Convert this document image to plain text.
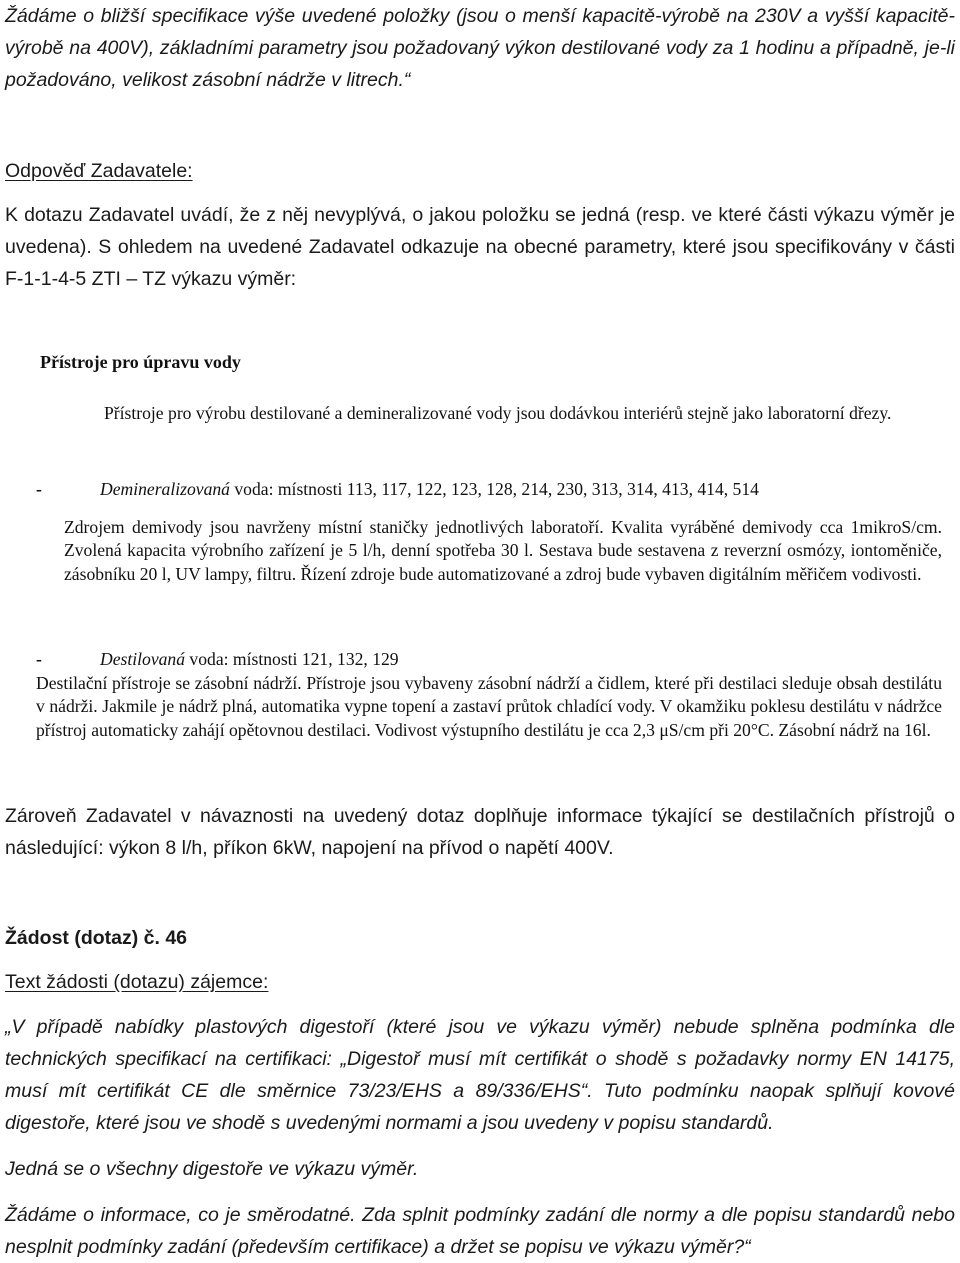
Žádáme o bližší specifikace výše uvedené položky (jsou o menší kapacitě-výrobě na 230V a vyšší kapacitě-výrobě na 400V), základními parametry jsou požadovaný výkon destilované vody za 1 hodinu a případně, je-li požadováno, velikost zásobní nádrže v litrech.“

Odpověď Zadavatele:

K dotazu Zadavatel uvádí, že z něj nevyplývá, o jakou položku se jedná (resp. ve které části výkazu výměr je uvedena). S ohledem na uvedené Zadavatel odkazuje na obecné parametry, které jsou specifikovány v části F-1-1-4-5 ZTI – TZ výkazu výměr:

Přístroje pro úpravu vody

Přístroje pro výrobu destilované a demineralizované vody jsou dodávkou interiérů stejně jako laboratorní dřezy.

-	Demineralizovaná voda: místnosti 113, 117, 122, 123, 128, 214, 230, 313, 314, 413, 414, 514
Zdrojem demivody jsou navrženy místní staničky jednotlivých laboratoří. Kvalita vyráběné demivody cca 1mikroS/cm. Zvolená kapacita výrobního zařízení je 5 l/h, denní spotřeba 30 l. Sestava bude sestavena z reverzní osmózy, iontoměniče, zásobníku 20 l, UV lampy, filtru. Řízení zdroje bude automatizované a zdroj bude vybaven digitálním měřičem vodivosti.
-	Destilovaná voda: místnosti 121, 132, 129
Destilační přístroje se zásobní nádrží. Přístroje jsou vybaveny zásobní nádrží a čidlem, které při destilaci sleduje obsah destilátu v nádrži. Jakmile je nádrž plná, automatika vypne topení a zastaví průtok chladící vody. V okamžiku poklesu destilátu v nádržce přístroj automaticky zahájí opětovnou destilaci. Vodivost výstupního destilátu je cca 2,3 μS/cm při 20°C. Zásobní nádrž na 16l.

Zároveň Zadavatel v návaznosti na uvedený dotaz doplňuje informace týkající se destilačních přístrojů o následující: výkon 8 l/h, příkon 6kW, napojení na přívod o napětí 400V.

Žádost (dotaz) č. 46

Text žádosti (dotazu) zájemce:

„V případě nabídky plastových digestoří (které jsou ve výkazu výměr) nebude splněna podmínka dle technických specifikací na certifikaci: „Digestoř musí mít certifikát o shodě s požadavky normy EN 14175, musí mít certifikát CE dle směrnice 73/23/EHS a 89/336/EHS“. Tuto podmínku naopak splňují kovové digestoře, které jsou ve shodě s uvedenými normami a jsou uvedeny v popisu standardů.

Jedná se o všechny digestoře ve výkazu výměr.

Žádáme o informace, co je směrodatné. Zda splnit podmínky zadání dle normy a dle popisu standardů nebo nesplnit podmínky zadání (především certifikace) a držet se popisu ve výkazu výměr?“
